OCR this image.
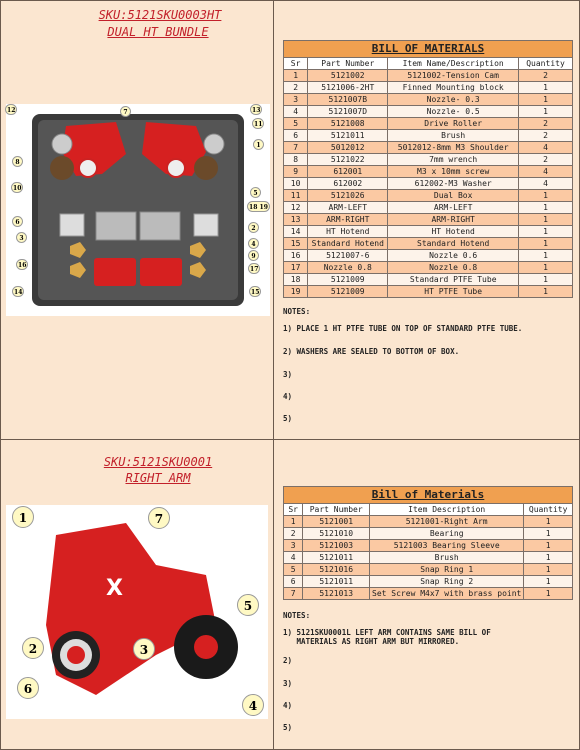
SKU:5121SKU0003HT
DUAL HT BUNDLE
12	7	13
11
1
8
10
5
18 19
6
2
3
4
9
16
17
14	15
BILL OF MATERIALS
Sr	Part Number	Item Name/Description	Quantity
1	5121002	5121002-Tension Cam	2
2	5121006-2HT	Finned Mounting block	1
3	5121007B	Nozzle- 0.3	1
4	5121007D	Nozzle- 0.5	1
5	5121008	Drive Roller	2
6	5121011	Brush	2
7	5012012	5012012-8mm M3 Shoulder	4
8	5121022	7mm wrench	2
9	612001	M3 x 10mm screw	4
10	612002	612002-M3 Washer	4
11	5121026	Dual Box	1
12	ARM-LEFT	ARM-LEFT	1
13	ARM-RIGHT	ARM-RIGHT	1
14	HT Hotend	HT Hotend	1
15	Standard Hotend	Standard Hotend	1
16	5121007-6	Nozzle 0.6	1
17	Nozzle 0.8	Nozzle 0.8	1
18	5121009	Standard PTFE Tube	1
19	5121009	HT PTFE Tube	1
NOTES:
1) PLACE 1 HT PTFE TUBE ON TOP OF STANDARD PTFE TUBE.
2) WASHERS ARE SEALED TO BOTTOM OF BOX.
3)
4)
5)
SKU:5121SKU0001
RIGHT ARM
X
1	7
5
2	3
6
4
Bill of Materials
Sr	Part Number	Item Description	Quantity
1	5121001	5121001-Right Arm	1
2	5121010	Bearing	1
3	5121003	5121003 Bearing Sleeve	1
4	5121011	Brush	1
5	5121016	Snap Ring 1	1
6	5121011	Snap Ring 2	1
7	5121013	Set Screw M4x7 with brass point	1
NOTES:
1) 5121SKU0001L LEFT ARM CONTAINS SAME BILL OF
MATERIALS AS RIGHT ARM BUT MIRRORED.
2)
3)
4)
5)
